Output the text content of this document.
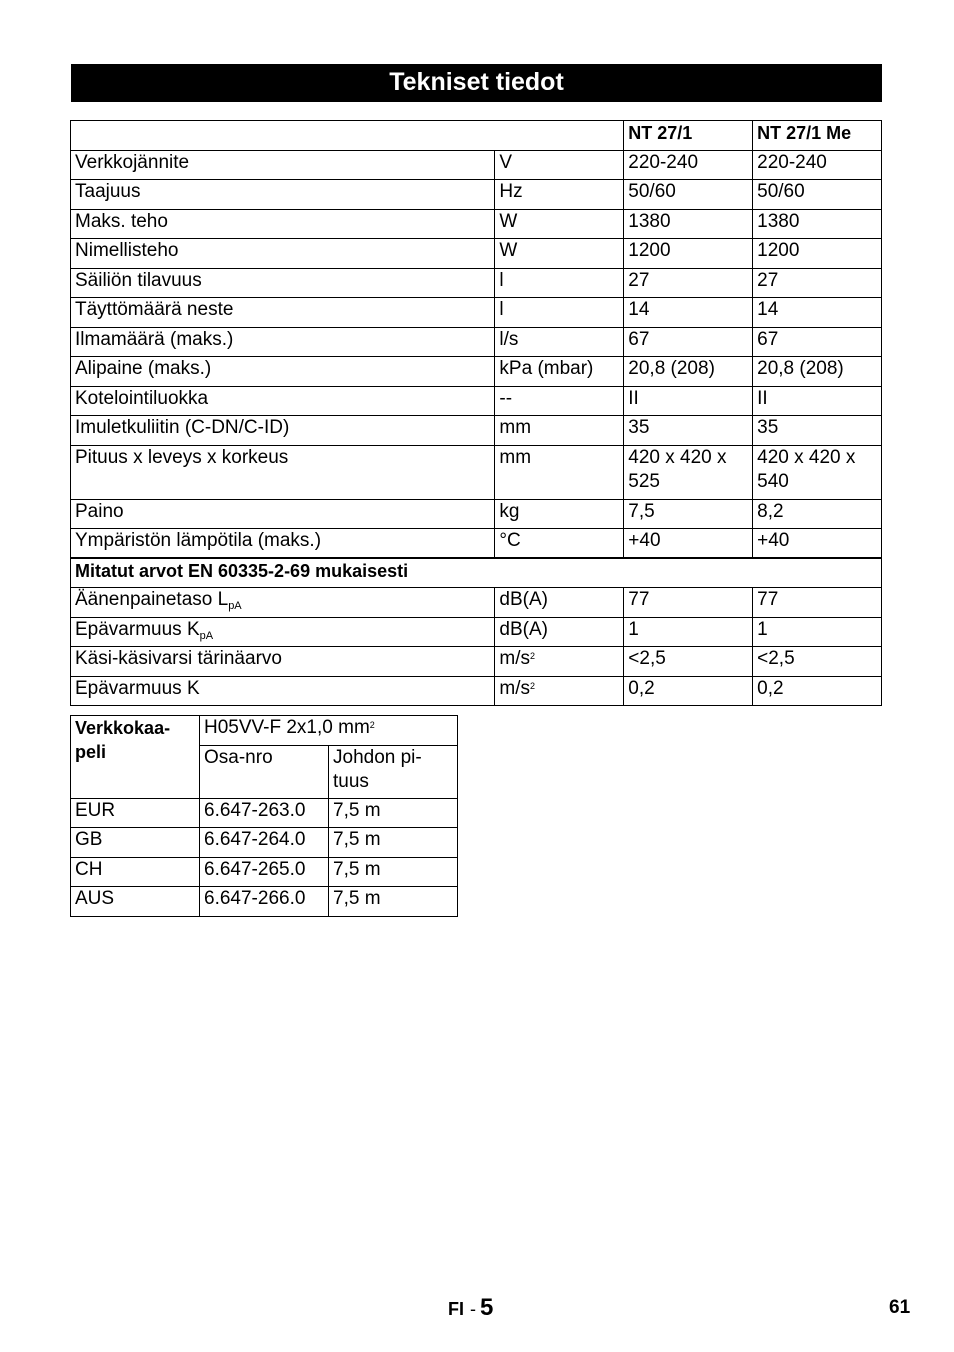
Tekniset tiedot
		NT 27/1	NT 27/1 Me
Verkkojännite	V	220-240	220-240
Taajuus	Hz	50/60	50/60
Maks. teho	W	1380	1380
Nimellisteho	W	1200	1200
Säiliön tilavuus	l	27	27
Täyttömäärä neste	l	14	14
Ilmamäärä (maks.)	l/s	67	67
Alipaine (maks.)	kPa (mbar)	20,8 (208)	20,8 (208)
Kotelointiluokka	--	II	II
Imuletkuliitin (C-DN/C-ID)	mm	35	35
Pituus x leveys x korkeus	mm	420 x 420 x 525	420 x 420 x 540
Paino	kg	7,5	8,2
Ympäristön lämpötila (maks.)	°C	+40	+40
Mitatut arvot EN 60335-2-69 mukaisesti			
Äänenpainetaso $L_{pA}$	dB(A)	77	77
Epävarmuus $K_{pA}$	dB(A)	1	1
Käsi-käsivarsi tärinäarvo	$m/s^2$	<2,5	<2,5
Epävarmuus K	$m/s^2$	0,2	0,2
Verkkokaa-peli	H05VV-F 2x1,0 $mm^2$
	Osa-nro	Johdon pi-tuus
EUR	6.647-263.0	7,5 m
GB	6.647-264.0	7,5 m
CH	6.647-265.0	7,5 m
AUS	6.647-266.0	7,5 m
FI - 5	61
